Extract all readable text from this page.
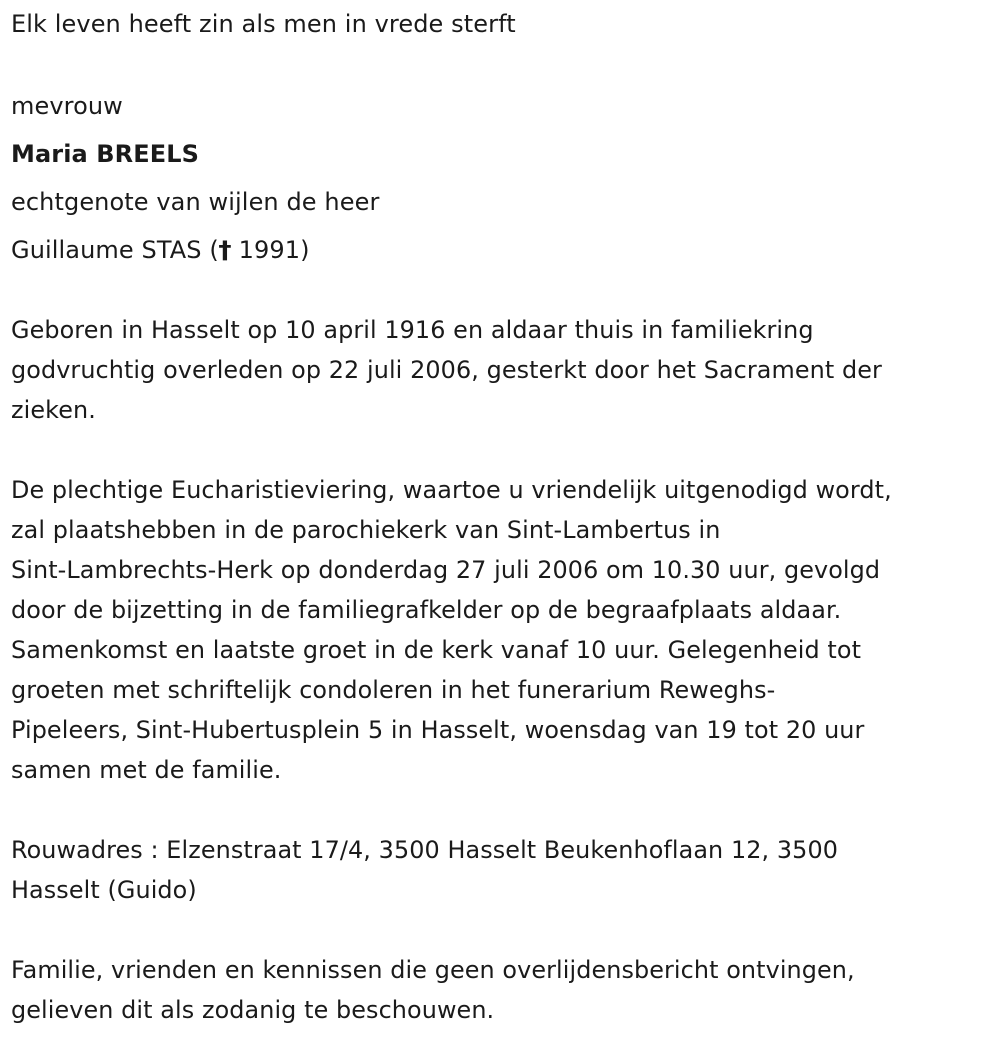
Elk leven heeft zin als men in vrede sterft
mevrouw
Maria BREELS
echtgenote van wijlen de heer
Guillaume STAS († 1991)
Geboren in Hasselt op 10 april 1916 en aldaar thuis in familiekring
godvruchtig overleden op 22 juli 2006, gesterkt door het Sacrament der
zieken.
De plechtige Eucharistieviering, waartoe u vriendelijk uitgenodigd wordt,
zal plaatshebben in de parochiekerk van Sint-Lambertus in
Sint-Lambrechts-Herk op donderdag 27 juli 2006 om 10.30 uur, gevolgd
door de bijzetting in de familiegrafkelder op de begraafplaats aldaar.
Samenkomst en laatste groet in de kerk vanaf 10 uur. Gelegenheid tot
groeten met schriftelijk condoleren in het funerarium Reweghs-
Pipeleers, Sint-Hubertusplein 5 in Hasselt, woensdag van 19 tot 20 uur
samen met de familie.
Rouwadres : Elzenstraat 17/4, 3500 Hasselt Beukenhoflaan 12, 3500
Hasselt (Guido)
Familie, vrienden en kennissen die geen overlijdensbericht ontvingen,
gelieven dit als zodanig te beschouwen.
